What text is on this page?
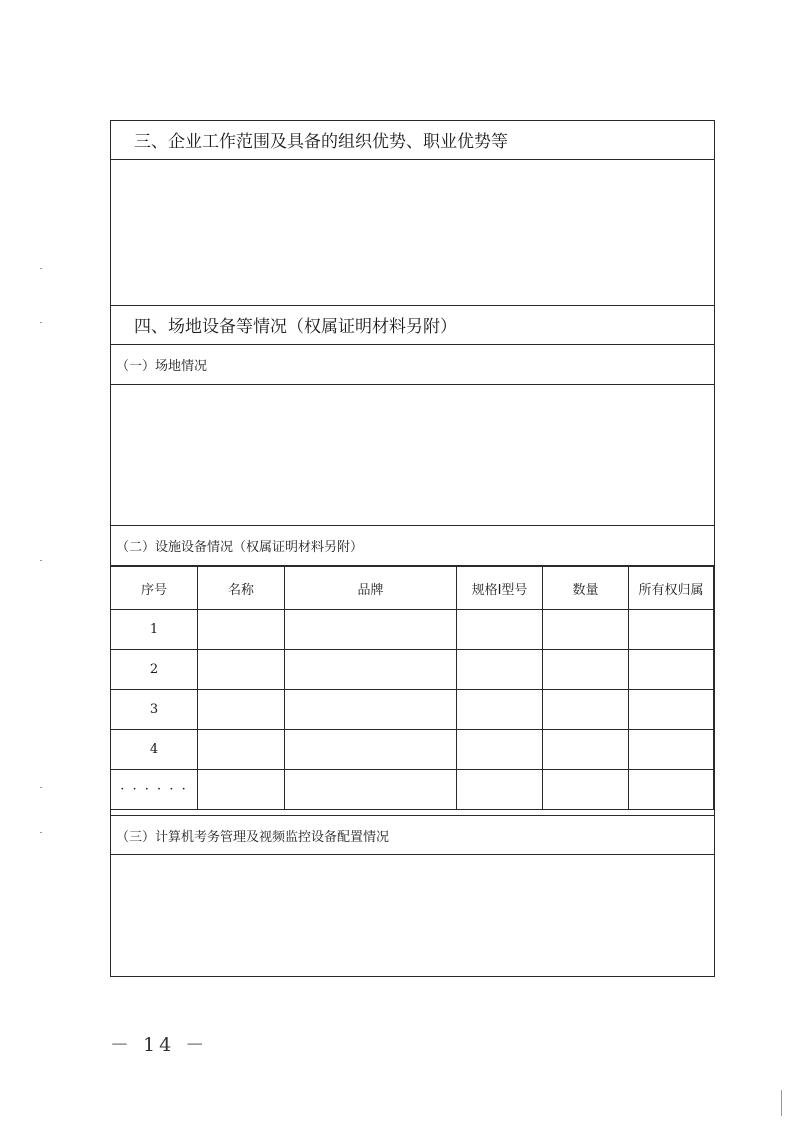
三、企业工作范围及具备的组织优势、职业优势等
四、场地设备等情况（权属证明材料另附）
（一）场地情况
（二）设施设备情况（权属证明材料另附）
序号	名称	品牌	规格Ⅰ型号	数量	所有权归属
1					
2					
3					
4					
· · · · · ·					
（三）计算机考务管理及视频监控设备配置情况
－ 14 －
